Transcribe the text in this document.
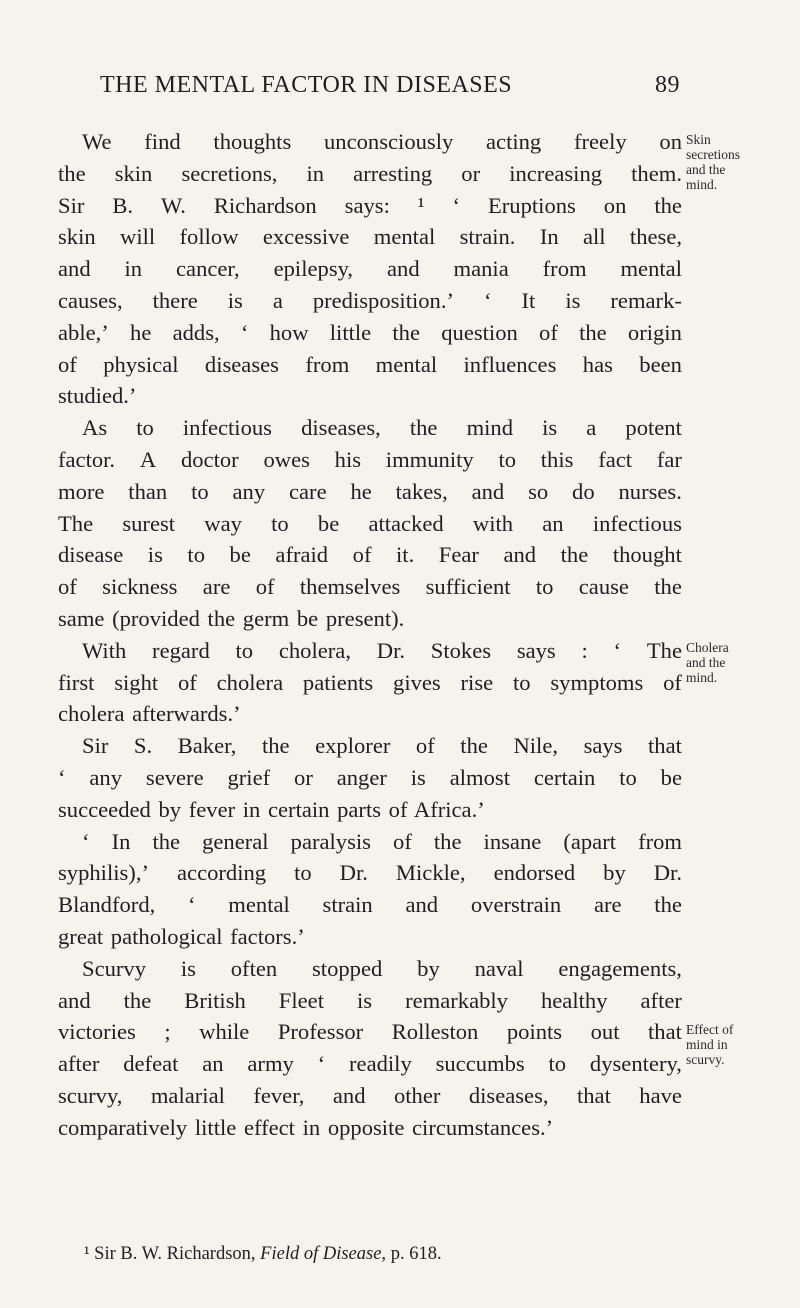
THE MENTAL FACTOR IN DISEASES	89
We find thoughts unconsciously acting freely on
the skin secretions, in arresting or increasing them.
Sir B. W. Richardson says: ¹ ‘ Eruptions on the
skin will follow excessive mental strain. In all these,
and in cancer, epilepsy, and mania from mental
causes, there is a predisposition.’ ‘ It is remark-
able,’ he adds, ‘ how little the question of the origin
of physical diseases from mental influences has been
studied.’
As to infectious diseases, the mind is a potent
factor. A doctor owes his immunity to this fact far
more than to any care he takes, and so do nurses.
The surest way to be attacked with an infectious
disease is to be afraid of it. Fear and the thought
of sickness are of themselves sufficient to cause the
same (provided the germ be present).
With regard to cholera, Dr. Stokes says : ‘ The
first sight of cholera patients gives rise to symptoms of
cholera afterwards.’
Sir S. Baker, the explorer of the Nile, says that
‘ any severe grief or anger is almost certain to be
succeeded by fever in certain parts of Africa.’
‘ In the general paralysis of the insane (apart from
syphilis),’ according to Dr. Mickle, endorsed by Dr.
Blandford, ‘ mental strain and overstrain are the
great pathological factors.’
Scurvy is often stopped by naval engagements,
and the British Fleet is remarkably healthy after
victories ; while Professor Rolleston points out that
after defeat an army ‘ readily succumbs to dysentery,
scurvy, malarial fever, and other diseases, that have
comparatively little effect in opposite circumstances.’
Skin
secretions
and the
mind.
Cholera
and the
mind.
Effect of
mind in
scurvy.
¹ Sir B. W. Richardson, Field of Disease, p. 618.
